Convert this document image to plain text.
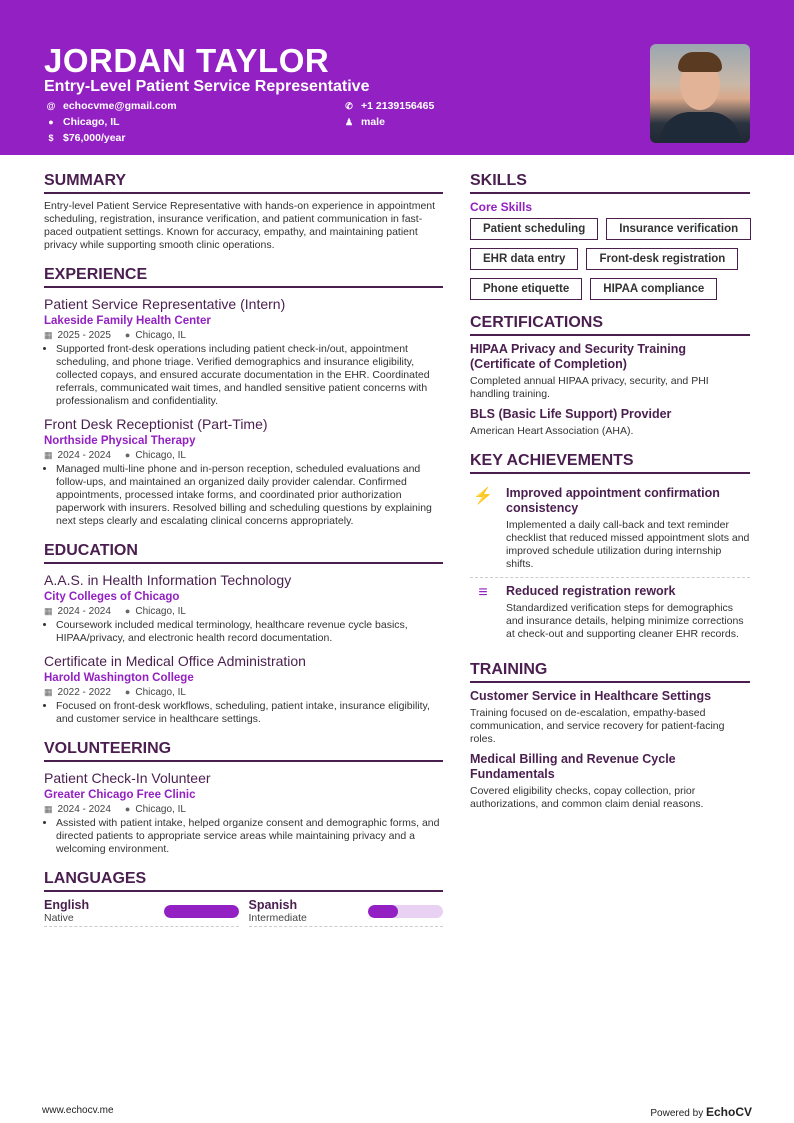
JORDAN TAYLOR
Entry-Level Patient Service Representative
@ echocvme@gmail.com
● Chicago, IL
$ $76,000/year
✆ +1 2139156465
♟ male
SUMMARY
Entry-level Patient Service Representative with hands-on experience in appointment scheduling, registration, insurance verification, and patient communication in fast-paced outpatient settings. Known for accuracy, empathy, and maintaining patient privacy while supporting smooth clinic operations.
EXPERIENCE
Patient Service Representative (Intern)
Lakeside Family Health Center
▦ 2025 - 2025 ● Chicago, IL
• Supported front-desk operations including patient check-in/out, appointment scheduling, and phone triage. Verified demographics and insurance eligibility, collected copays, and ensured accurate documentation in the EHR. Coordinated referrals, communicated wait times, and handled sensitive patient concerns with professionalism and confidentiality.
Front Desk Receptionist (Part-Time)
Northside Physical Therapy
▦ 2024 - 2024 ● Chicago, IL
• Managed multi-line phone and in-person reception, scheduled evaluations and follow-ups, and maintained an organized daily provider calendar. Confirmed appointments, processed intake forms, and coordinated prior authorization paperwork with insurers. Resolved billing and scheduling questions by explaining next steps clearly and escalating clinical concerns appropriately.
EDUCATION
A.A.S. in Health Information Technology
City Colleges of Chicago
▦ 2024 - 2024 ● Chicago, IL
• Coursework included medical terminology, healthcare revenue cycle basics, HIPAA/privacy, and electronic health record documentation.
Certificate in Medical Office Administration
Harold Washington College
▦ 2022 - 2022 ● Chicago, IL
• Focused on front-desk workflows, scheduling, patient intake, insurance eligibility, and customer service in healthcare settings.
VOLUNTEERING
Patient Check-In Volunteer
Greater Chicago Free Clinic
▦ 2024 - 2024 ● Chicago, IL
• Assisted with patient intake, helped organize consent and demographic forms, and directed patients to appropriate service areas while maintaining privacy and a welcoming environment.
LANGUAGES
English
Native
Spanish
Intermediate
SKILLS
Core Skills
Patient scheduling	Insurance verification
EHR data entry	Front-desk registration
Phone etiquette	HIPAA compliance
CERTIFICATIONS
HIPAA Privacy and Security Training (Certificate of Completion)
Completed annual HIPAA privacy, security, and PHI handling training.
BLS (Basic Life Support) Provider
American Heart Association (AHA).
KEY ACHIEVEMENTS
⚡ Improved appointment confirmation consistency
Implemented a daily call-back and text reminder checklist that reduced missed appointment slots and improved schedule utilization during internship shifts.
≡	Reduced registration rework
Standardized verification steps for demographics and insurance details, helping minimize corrections at check-out and supporting cleaner EHR records.
TRAINING
Customer Service in Healthcare Settings
Training focused on de-escalation, empathy-based communication, and service recovery for patient-facing roles.
Medical Billing and Revenue Cycle Fundamentals
Covered eligibility checks, copay collection, prior authorizations, and common claim denial reasons.
www.echocv.me	Powered by EchoCV
